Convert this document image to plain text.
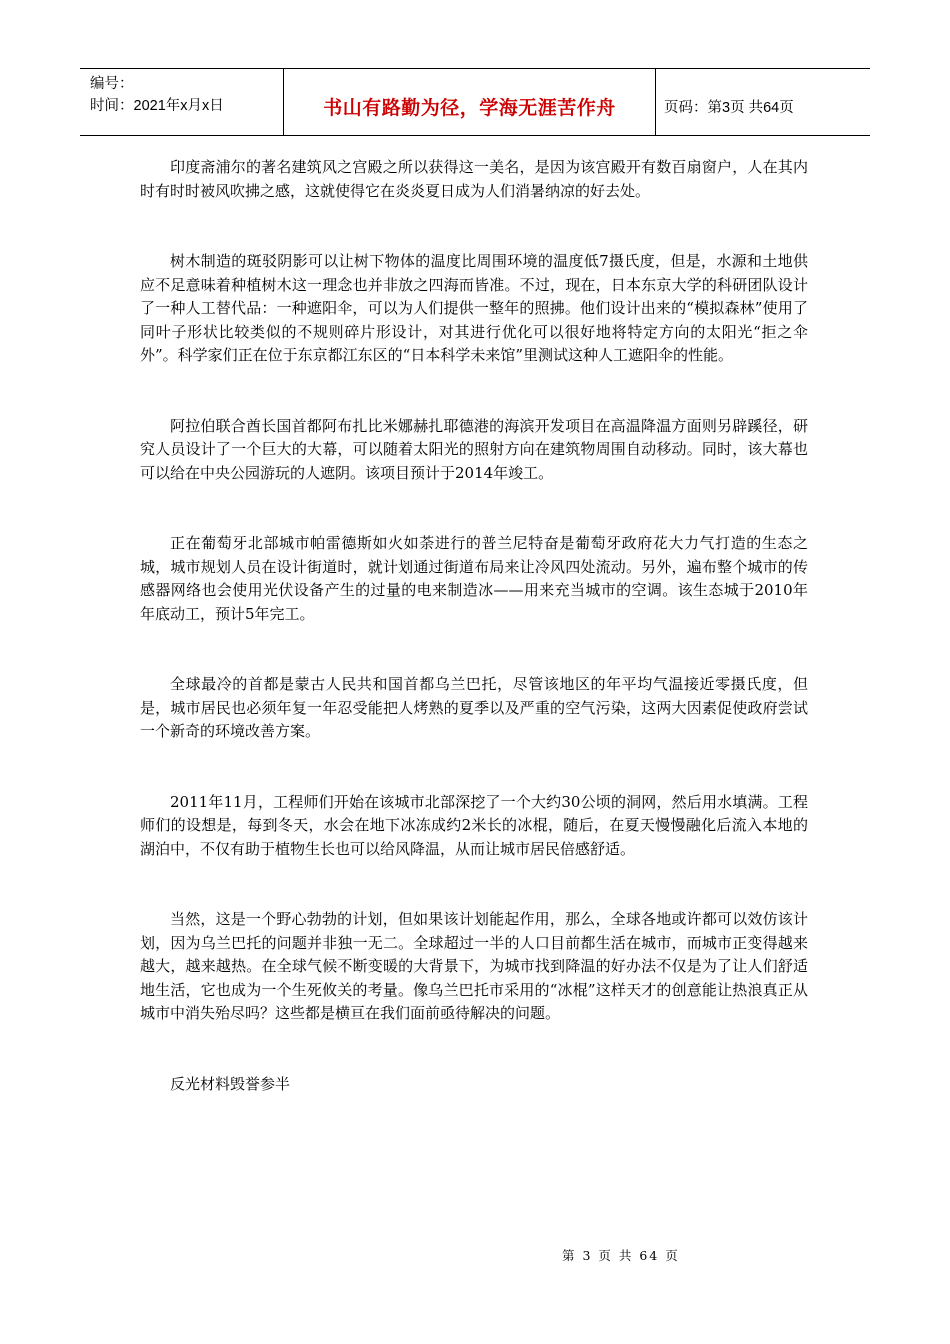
编号：
时间：2021年x月x日	书山有路勤为径，学海无涯苦作舟	页码：第3页 共64页

印度斋浦尔的著名建筑风之宫殿之所以获得这一美名，是因为该宫殿开有数百扇窗户，人在其内时有时时被风吹拂之感，这就使得它在炎炎夏日成为人们消暑纳凉的好去处。

树木制造的斑驳阴影可以让树下物体的温度比周围环境的温度低7摄氏度，但是，水源和土地供应不足意味着种植树木这一理念也并非放之四海而皆准。不过，现在，日本东京大学的科研团队设计了一种人工替代品：一种遮阳伞，可以为人们提供一整年的照拂。他们设计出来的“模拟森林”使用了同叶子形状比较类似的不规则碎片形设计，对其进行优化可以很好地将特定方向的太阳光“拒之伞外”。科学家们正在位于东京都江东区的“日本科学未来馆”里测试这种人工遮阳伞的性能。

阿拉伯联合酋长国首都阿布扎比米娜赫扎耶德港的海滨开发项目在高温降温方面则另辟蹊径，研究人员设计了一个巨大的大幕，可以随着太阳光的照射方向在建筑物周围自动移动。同时，该大幕也可以给在中央公园游玩的人遮阴。该项目预计于2014年竣工。

正在葡萄牙北部城市帕雷德斯如火如荼进行的普兰尼特奋是葡萄牙政府花大力气打造的生态之城，城市规划人员在设计街道时，就计划通过街道布局来让冷风四处流动。另外，遍布整个城市的传感器网络也会使用光伏设备产生的过量的电来制造冰——用来充当城市的空调。该生态城于2010年年底动工，预计5年完工。

全球最冷的首都是蒙古人民共和国首都乌兰巴托，尽管该地区的年平均气温接近零摄氏度，但是，城市居民也必须年复一年忍受能把人烤熟的夏季以及严重的空气污染，这两大因素促使政府尝试一个新奇的环境改善方案。

2011年11月，工程师们开始在该城市北部深挖了一个大约30公顷的洞网，然后用水填满。工程师们的设想是，每到冬天，水会在地下冰冻成约2米长的冰棍，随后，在夏天慢慢融化后流入本地的湖泊中，不仅有助于植物生长也可以给风降温，从而让城市居民倍感舒适。

当然，这是一个野心勃勃的计划，但如果该计划能起作用，那么，全球各地或许都可以效仿该计划，因为乌兰巴托的问题并非独一无二。全球超过一半的人口目前都生活在城市，而城市正变得越来越大，越来越热。在全球气候不断变暖的大背景下，为城市找到降温的好办法不仅是为了让人们舒适地生活，它也成为一个生死攸关的考量。像乌兰巴托市采用的“冰棍”这样天才的创意能让热浪真正从城市中消失殆尽吗？这些都是横亘在我们面前亟待解决的问题。

反光材料毁誉参半

第 3 页 共 64 页
